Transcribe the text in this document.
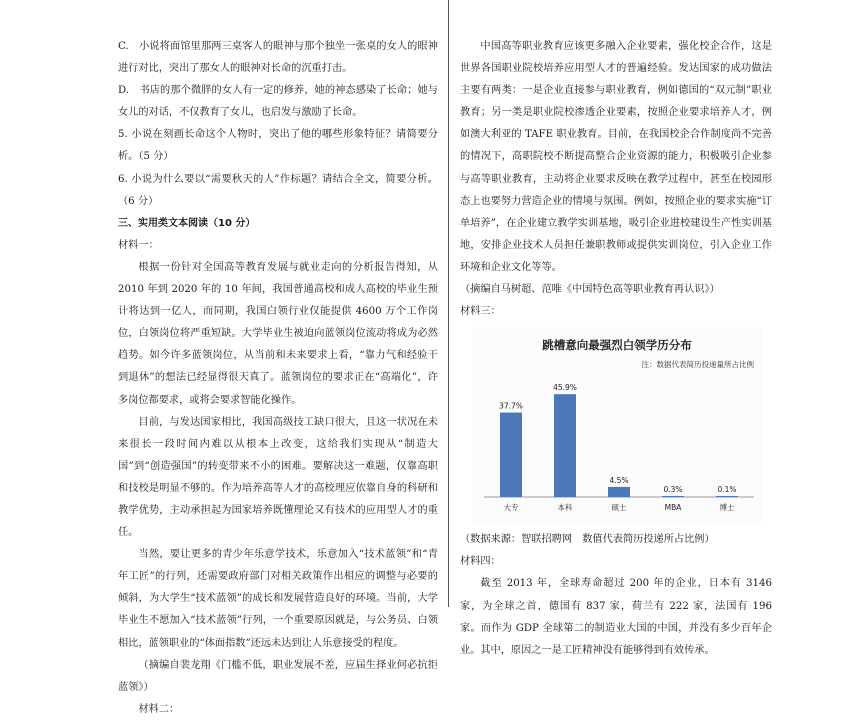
C.　小说将面馆里那两三桌客人的眼神与那个独坐一张桌的女人的眼神进行对比，突出了那女人的眼神对长命的沉重打击。

D.　书店的那个微胖的女人有一定的修养，她的神态感染了长命；她与女儿的对话，不仅教育了女儿，也启发与激励了长命。

5. 小说在刻画长命这个人物时，突出了他的哪些形象特征？请简要分析。（5 分）

6. 小说为什么要以“需要秋天的人”作标题？请结合全文，简要分析。（6 分）

三、实用类文本阅读（10 分）

材料一：

根据一份针对全国高等教育发展与就业走向的分析报告得知，从 2010 年到 2020 年的 10 年间，我国普通高校和成人高校的毕业生预计将达到一亿人，而同期，我国白领行业仅能提供 4600 万个工作岗位，白领岗位将严重短缺。大学毕业生被迫向蓝领岗位流动将成为必然趋势。如今许多蓝领岗位，从当前和未来要求上看，“靠力气和经验干到退休”的想法已经显得很天真了。蓝领岗位的要求正在“高端化”，许多岗位都要求，或将会要求智能化操作。

目前，与发达国家相比，我国高级技工缺口很大，且这一状况在未来很长一段时间内难以从根本上改变，这给我们实现从“制造大国”到“创造强国”的转变带来不小的困难。要解决这一难题，仅靠高职和技校是明显不够的。作为培养高等人才的高校理应依靠自身的科研和教学优势，主动承担起为国家培养既懂理论又有技术的应用型人才的重任。

当然，要让更多的青少年乐意学技术，乐意加入“技术蓝领”和“青年工匠”的行列，还需要政府部门对相关政策作出相应的调整与必要的倾斜，为大学生“技术蓝领”的成长和发展营造良好的环境。当前，大学毕业生不愿加入“技术蓝领”行列，一个重要原因就是，与公务员、白领相比，蓝领职业的“体面指数”还远未达到让人乐意接受的程度。

（摘编自裴龙翔《门槛不低，职业发展不差，应届生择业何必抗拒蓝领》）

材料二：

中国高等职业教育应该更多融入企业要素，强化校企合作，这是世界各国职业院校培养应用型人才的普遍经验。发达国家的成功做法主要有两类：一是企业直接参与职业教育，例如德国的“双元制”职业教育；另一类是职业院校渗透企业要素，按照企业要求培养人才，例如澳大利亚的 TAFE 职业教育。目前，在我国校企合作制度尚不完善的情况下，高职院校不断提高整合企业资源的能力，积极吸引企业参与高等职业教育，主动将企业要求反映在教学过程中，甚至在校园形态上也要努力营造企业的情境与氛围。例如，按照企业的要求实施“订单培养”，在企业建立教学实训基地，吸引企业进校建设生产性实训基地，安排企业技术人员担任兼职教师或提供实训岗位，引入企业工作环境和企业文化等等。

（摘编自马树超、范唯《中国特色高等职业教育再认识》）

材料三：

跳槽意向最强烈白领学历分布
注：数据代表简历投递量所占比例
37.7%
大专
45.9%
本科
4.5%
硕士
0.3%
MBA
0.1%
博士

（数据来源：智联招聘网　数值代表简历投递所占比例）

材料四：

截至 2013 年，全球寿命超过 200 年的企业，日本有 3146 家，为全球之首，德国有 837 家，荷兰有 222 家，法国有 196 家。而作为 GDP 全球第二的制造业大国的中国，并没有多少百年企业。其中，原因之一是工匠精神没有能够得到有效传承。
